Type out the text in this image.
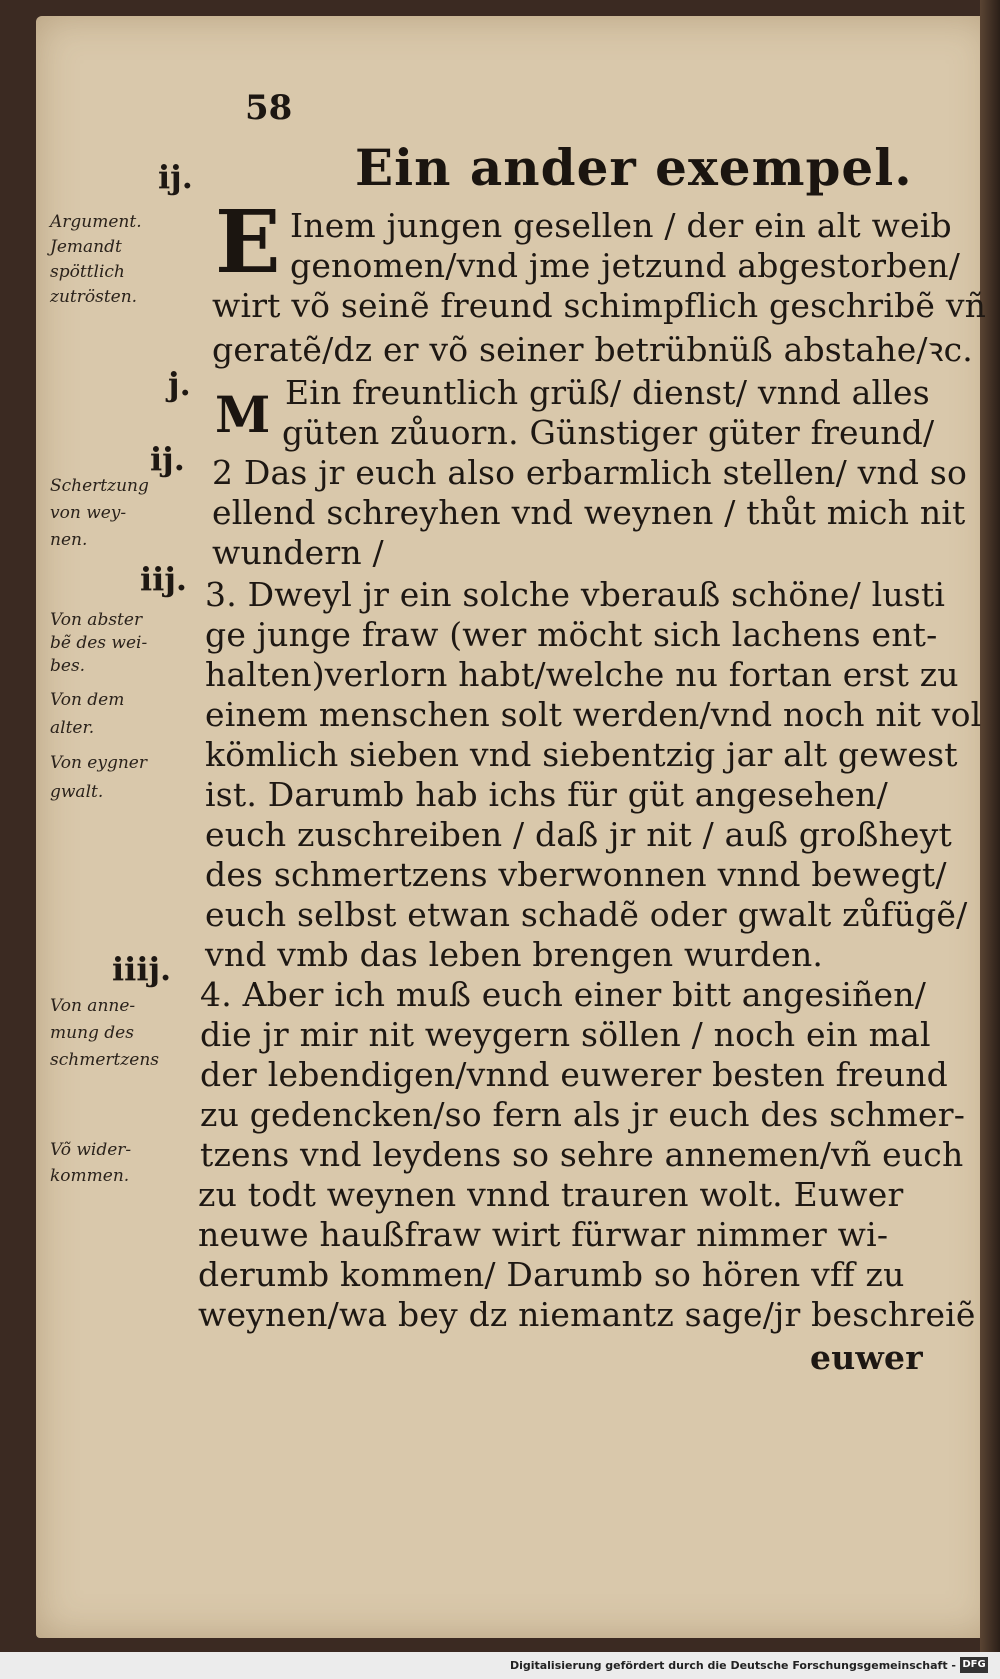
58
Ein ander exempel.
ij.
j.
ij.
iij.
iiij.
Argument.
Jemandt
spöttlich
zutrösten.
Schertzung
von wey-
nen.
Von abster
bẽ des wei-
bes.
Von dem
alter.
Von eygner
gwalt.
Von anne-
mung des
schmertzens
Võ wider-
kommen.
E Inem jungen gesellen / der ein alt weib
genomen/vnd jme jetzund abgestorben/
wirt võ seinẽ freund schimpflich geschribẽ vñ
geratẽ/dz er võ seiner betrübnüß abstahe/ꝛc.
M Ein freuntlich grüß/ dienst/ vnnd alles
güten zůuorn. Günstiger güter freund/
2 Das jr euch also erbarmlich stellen/ vnd so
ellend schreyhen vnd weynen / thůt mich nit
wundern /
3. Dweyl jr ein solche vberauß schöne/ lusti
ge junge fraw (wer möcht sich lachens ent-
halten)verlorn habt/welche nu fortan erst zu
einem menschen solt werden/vnd noch nit vol
kömlich sieben vnd siebentzig jar alt gewest
ist. Darumb hab ichs für güt angesehen/
euch zuschreiben / daß jr nit / auß großheyt
des schmertzens vberwonnen vnnd bewegt/
euch selbst etwan schadẽ oder gwalt zůfügẽ/
vnd vmb das leben brengen wurden.
4. Aber ich muß euch einer bitt angesiñen/
die jr mir nit weygern söllen / noch ein mal
der lebendigen/vnnd euwerer besten freund
zu gedencken/so fern als jr euch des schmer-
tzens vnd leydens so sehre annemen/vñ euch
zu todt weynen vnnd trauren wolt. Euwer
neuwe haußfraw wirt fürwar nimmer wi-
derumb kommen/ Darumb so hören vff zu
weynen/wa bey dz niemantz sage/jr beschreiẽ
euwer
Digitalisierung gefördert durch die Deutsche Forschungsgemeinschaft - DFG
